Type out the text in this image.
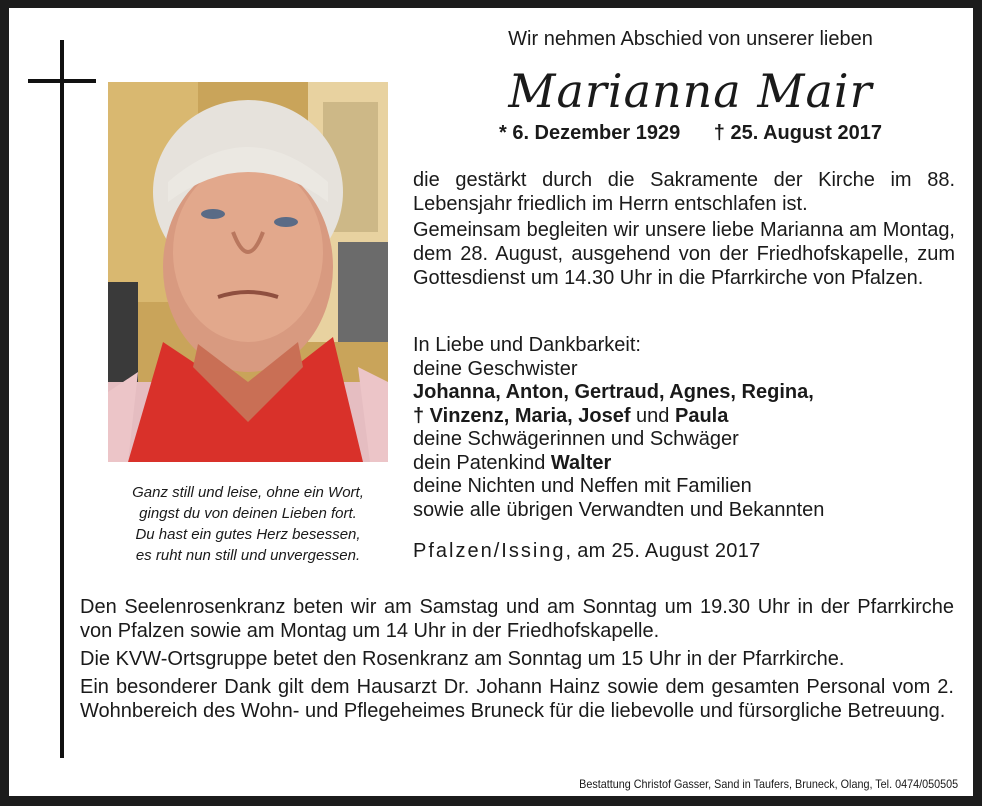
Ganz still und leise, ohne ein Wort,
gingst du von deinen Lieben fort.
Du hast ein gutes Herz besessen,
es ruht nun still und unvergessen.
Wir nehmen Abschied von unserer lieben
Marianna Mair
* 6. Dezember 1929 † 25. August 2017

die gestärkt durch die Sakramente der Kirche im 88. Lebensjahr friedlich im Herrn entschlafen ist.

Gemeinsam begleiten wir unsere liebe Marianna am Montag, dem 28. August, ausgehend von der Friedhofskapelle, zum Gottesdienst um 14.30 Uhr in die Pfarrkirche von Pfalzen.

In Liebe und Dankbarkeit:
deine Geschwister
Johanna, Anton, Gertraud, Agnes, Regina,
† Vinzenz, Maria, Josef und Paula
deine Schwägerinnen und Schwäger
dein Patenkind Walter
deine Nichten und Neffen mit Familien
sowie alle übrigen Verwandten und Bekannten
Pfalzen/Issing, am 25. August 2017

Den Seelenrosenkranz beten wir am Samstag und am Sonntag um 19.30 Uhr in der Pfarrkirche von Pfalzen sowie am Montag um 14 Uhr in der Friedhofskapelle.

Die KVW-Ortsgruppe betet den Rosenkranz am Sonntag um 15 Uhr in der Pfarrkirche.

Ein besonderer Dank gilt dem Hausarzt Dr. Johann Hainz sowie dem gesamten Personal vom 2. Wohnbereich des Wohn- und Pflegeheimes Bruneck für die liebevolle und fürsorgliche Betreuung.

Bestattung Christof Gasser, Sand in Taufers, Bruneck, Olang, Tel. 0474/050505
